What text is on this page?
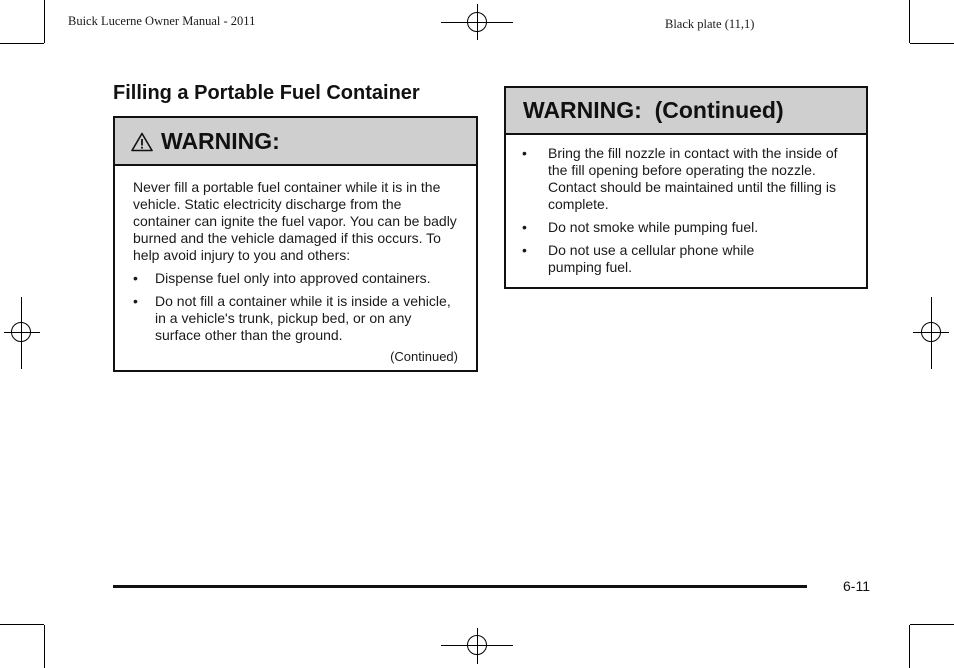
Buick Lucerne Owner Manual - 2011	Black plate (11,1)
Filling a Portable Fuel Container
WARNING:
Never fill a portable fuel container while it is in the vehicle. Static electricity discharge from the container can ignite the fuel vapor. You can be badly burned and the vehicle damaged if this occurs. To help avoid injury to you and others:
• Dispense fuel only into approved containers.
• Do not fill a container while it is inside a vehicle, in a vehicle's trunk, pickup bed, or on any surface other than the ground.
(Continued)
WARNING:  (Continued)
• Bring the fill nozzle in contact with the inside of the fill opening before operating the nozzle. Contact should be maintained until the filling is complete.
• Do not smoke while pumping fuel.
• Do not use a cellular phone while pumping fuel.
6-11
